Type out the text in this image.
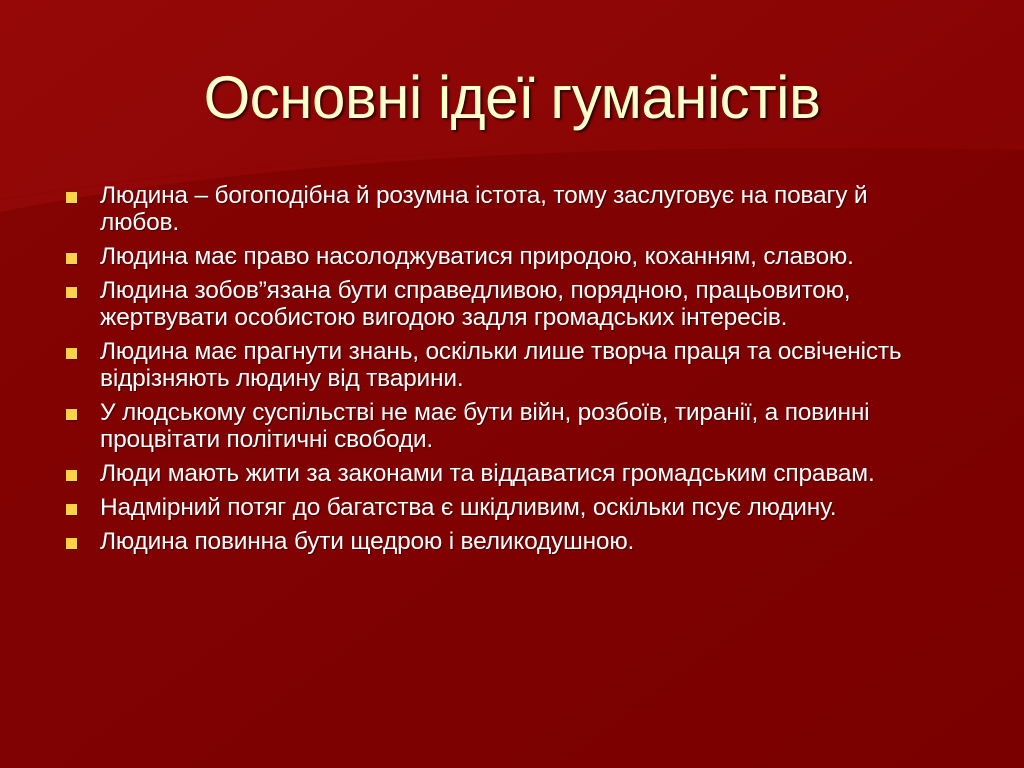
Основні ідеї гуманістів
Людина – богоподібна й розумна істота, тому заслуговує на повагу й любов.
Людина має право насолоджуватися природою, коханням, славою.
Людина зобов”язана бути справедливою, порядною, працьовитою, жертвувати особистою вигодою задля громадських інтересів.
Людина має прагнути знань, оскільки лише творча праця та освіченість відрізняють людину від тварини.
У людському суспільстві не має бути війн, розбоїв, тиранії, а повинні процвітати політичні свободи.
Люди мають жити за законами та віддаватися громадським справам.
Надмірний потяг до багатства є шкідливим, оскільки псує людину.
Людина повинна бути щедрою і великодушною.
